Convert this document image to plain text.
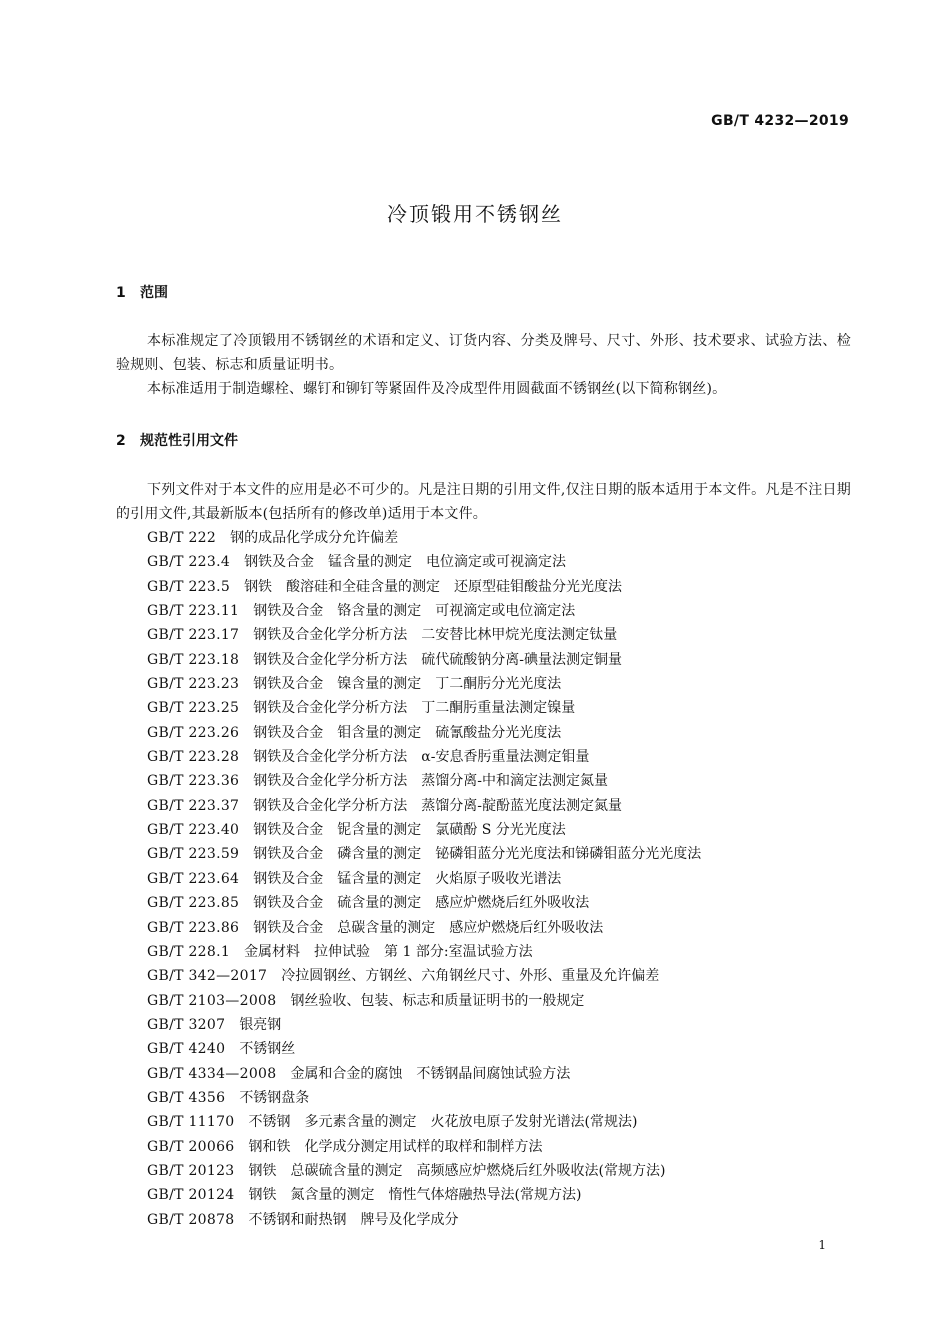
GB/T 4232—2019
冷顶锻用不锈钢丝
1 范围
本标准规定了冷顶锻用不锈钢丝的术语和定义、订货内容、分类及牌号、尺寸、外形、技术要求、试验方法、检验规则、包装、标志和质量证明书。
本标准适用于制造螺栓、螺钉和铆钉等紧固件及冷成型件用圆截面不锈钢丝(以下简称钢丝)。
2 规范性引用文件
下列文件对于本文件的应用是必不可少的。凡是注日期的引用文件,仅注日期的版本适用于本文件。凡是不注日期的引用文件,其最新版本(包括所有的修改单)适用于本文件。
GB/T 222 钢的成品化学成分允许偏差
GB/T 223.4 钢铁及合金　锰含量的测定　电位滴定或可视滴定法
GB/T 223.5 钢铁　酸溶硅和全硅含量的测定　还原型硅钼酸盐分光光度法
GB/T 223.11 钢铁及合金　铬含量的测定　可视滴定或电位滴定法
GB/T 223.17 钢铁及合金化学分析方法　二安替比林甲烷光度法测定钛量
GB/T 223.18 钢铁及合金化学分析方法　硫代硫酸钠分离-碘量法测定铜量
GB/T 223.23 钢铁及合金　镍含量的测定　丁二酮肟分光光度法
GB/T 223.25 钢铁及合金化学分析方法　丁二酮肟重量法测定镍量
GB/T 223.26 钢铁及合金　钼含量的测定　硫氰酸盐分光光度法
GB/T 223.28 钢铁及合金化学分析方法　α-安息香肟重量法测定钼量
GB/T 223.36 钢铁及合金化学分析方法　蒸馏分离-中和滴定法测定氮量
GB/T 223.37 钢铁及合金化学分析方法　蒸馏分离-靛酚蓝光度法测定氮量
GB/T 223.40 钢铁及合金　铌含量的测定　氯磺酚 S 分光光度法
GB/T 223.59 钢铁及合金　磷含量的测定　铋磷钼蓝分光光度法和锑磷钼蓝分光光度法
GB/T 223.64 钢铁及合金　锰含量的测定　火焰原子吸收光谱法
GB/T 223.85 钢铁及合金　硫含量的测定　感应炉燃烧后红外吸收法
GB/T 223.86 钢铁及合金　总碳含量的测定　感应炉燃烧后红外吸收法
GB/T 228.1 金属材料　拉伸试验　第 1 部分:室温试验方法
GB/T 342—2017 冷拉圆钢丝、方钢丝、六角钢丝尺寸、外形、重量及允许偏差
GB/T 2103—2008 钢丝验收、包装、标志和质量证明书的一般规定
GB/T 3207 银亮钢
GB/T 4240 不锈钢丝
GB/T 4334—2008 金属和合金的腐蚀　不锈钢晶间腐蚀试验方法
GB/T 4356 不锈钢盘条
GB/T 11170 不锈钢　多元素含量的测定　火花放电原子发射光谱法(常规法)
GB/T 20066 钢和铁　化学成分测定用试样的取样和制样方法
GB/T 20123 钢铁　总碳硫含量的测定　高频感应炉燃烧后红外吸收法(常规方法)
GB/T 20124 钢铁　氮含量的测定　惰性气体熔融热导法(常规方法)
GB/T 20878 不锈钢和耐热钢　牌号及化学成分
1
